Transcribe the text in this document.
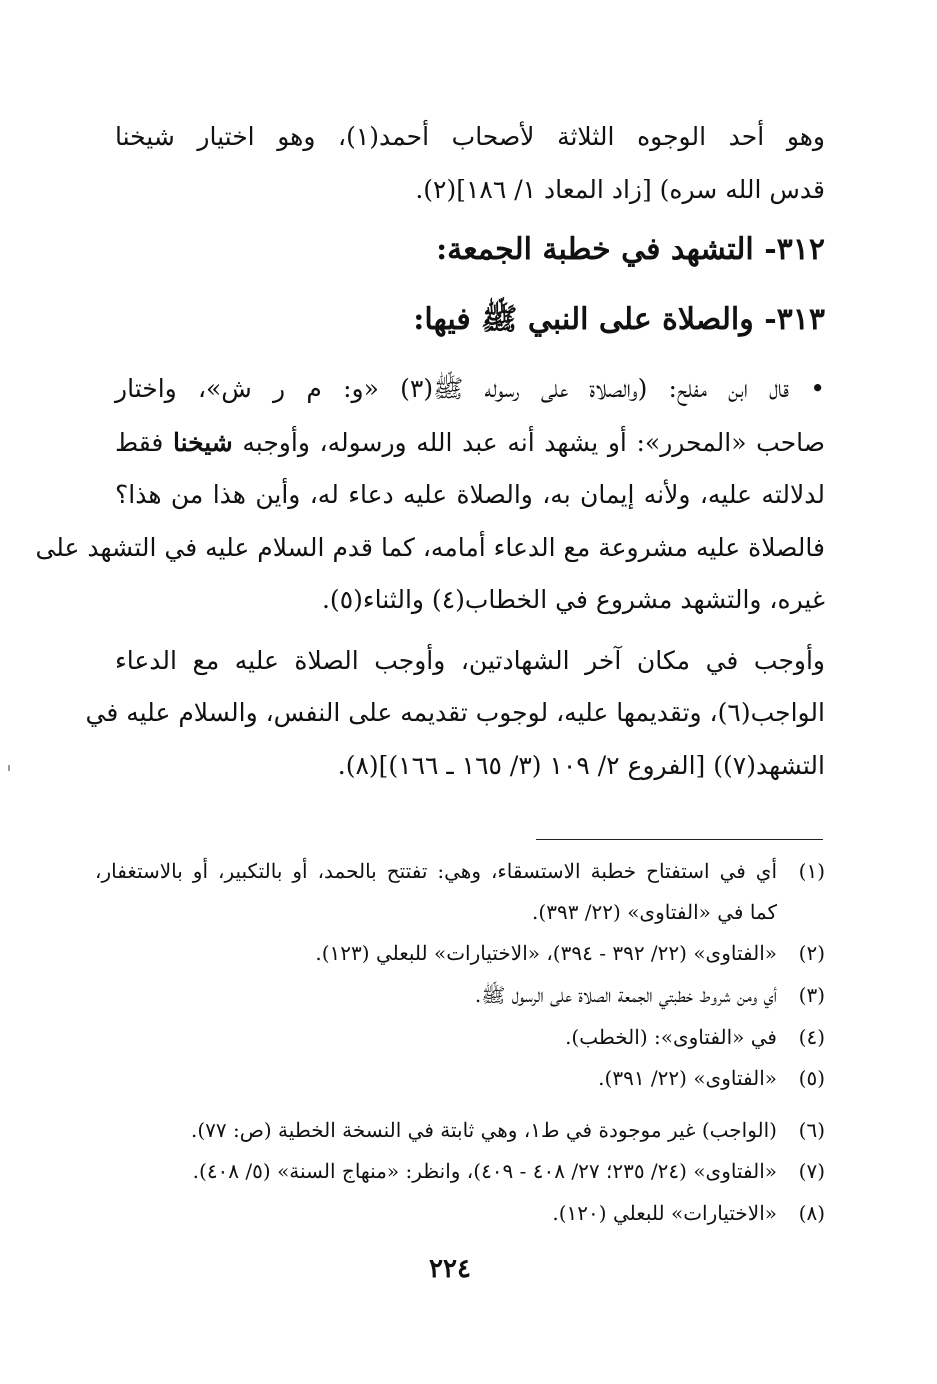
وهو أحد الوجوه الثلاثة لأصحاب أحمد(١)، وهو اختيار شيخنا
قدس الله سره) [زاد المعاد ١/ ١٨٦](٢).
٣١٢- التشهد في خطبة الجمعة:
٣١٣- والصلاة على النبي ﷺ فيها:
• قال ابن مفلح: (والصلاة على رسوله ﷺ(٣) «و: م ر ش»، واختار
صاحب «المحرر»: أو يشهد أنه عبد الله ورسوله، وأوجبه شيخنا فقط
لدلالته عليه، ولأنه إيمان به، والصلاة عليه دعاء له، وأين هذا من هذا؟
فالصلاة عليه مشروعة مع الدعاء أمامه، كما قدم السلام عليه في التشهد على
غيره، والتشهد مشروع في الخطاب(٤) والثناء(٥).
وأوجب في مكان آخر الشهادتين، وأوجب الصلاة عليه مع الدعاء
الواجب(٦)، وتقديمها عليه، لوجوب تقديمه على النفس، والسلام عليه في
التشهد(٧)) [الفروع ٢/ ١٠٩ (٣/ ١٦٥ ـ ١٦٦)](٨).
(١)
أي في استفتاح خطبة الاستسقاء، وهي: تفتتح بالحمد، أو بالتكبير، أو بالاستغفار،
كما في «الفتاوى» (٢٢/ ٣٩٣).
(٢)
«الفتاوى» (٢٢/ ٣٩٢ - ٣٩٤)، «الاختيارات» للبعلي (١٢٣).
(٣)
أي ومن شروط خطبتي الجمعة الصلاة على الرسول ﷺ.
(٤)
في «الفتاوى»: (الخطب).
(٥)
«الفتاوى» (٢٢/ ٣٩١).
(٦)
(الواجب) غير موجودة في ط١، وهي ثابتة في النسخة الخطية (ص: ٧٧).
(٧)
«الفتاوى» (٢٤/ ٢٣٥؛ ٢٧/ ٤٠٨ - ٤٠٩)، وانظر: «منهاج السنة» (٥/ ٤٠٨).
(٨)
«الاختيارات» للبعلي (١٢٠).
٢٢٤
